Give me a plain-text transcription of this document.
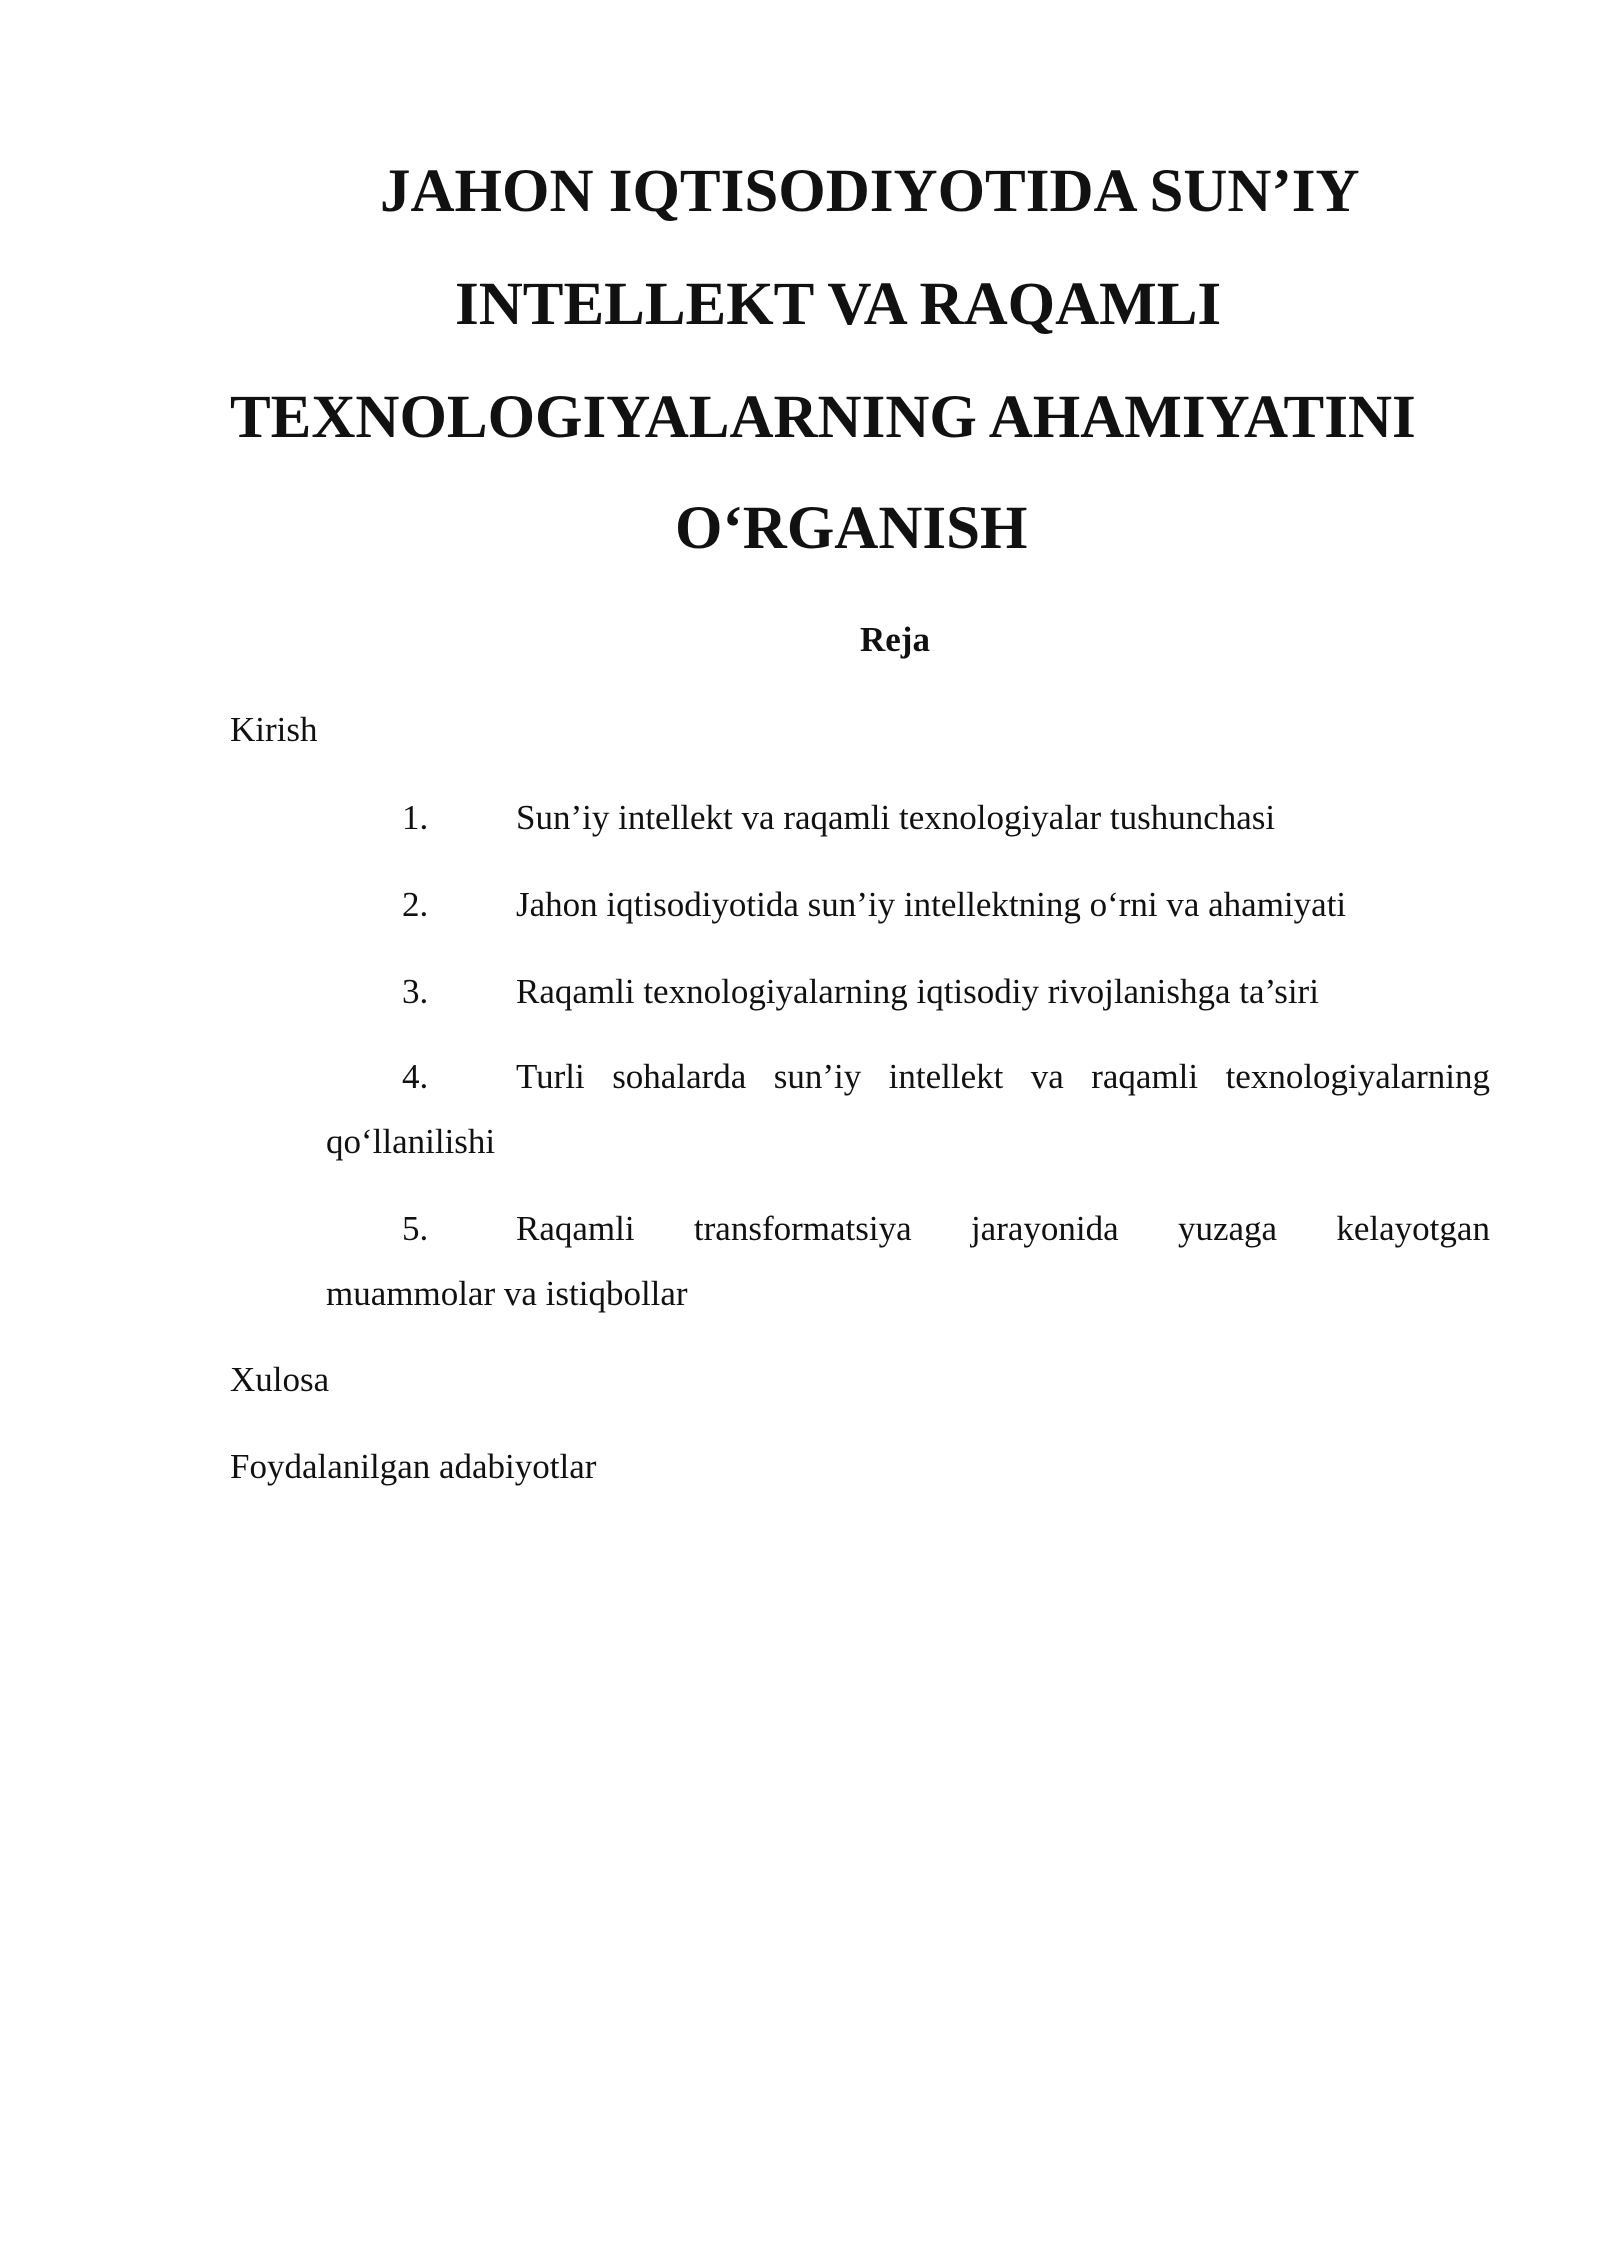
JAHON IQTISODIYOTIDA SUN’IY
INTELLEKT VA RAQAMLI
TEXNOLOGIYALARNING AHAMIYATINI
O‘RGANISH
Reja

Kirish

1.	Sun’iy intellekt va raqamli texnologiyalar tushunchasi
2.	Jahon iqtisodiyotida sun’iy intellektning o‘rni va ahamiyati
3.	Raqamli texnologiyalarning iqtisodiy rivojlanishga ta’siri
4.	Turli sohalarda sun’iy intellekt va raqamli texnologiyalarning
qo‘llanilishi
5.	Raqamli transformatsiya jarayonida yuzaga kelayotgan
muammolar va istiqbollar

Xulosa

Foydalanilgan adabiyotlar
